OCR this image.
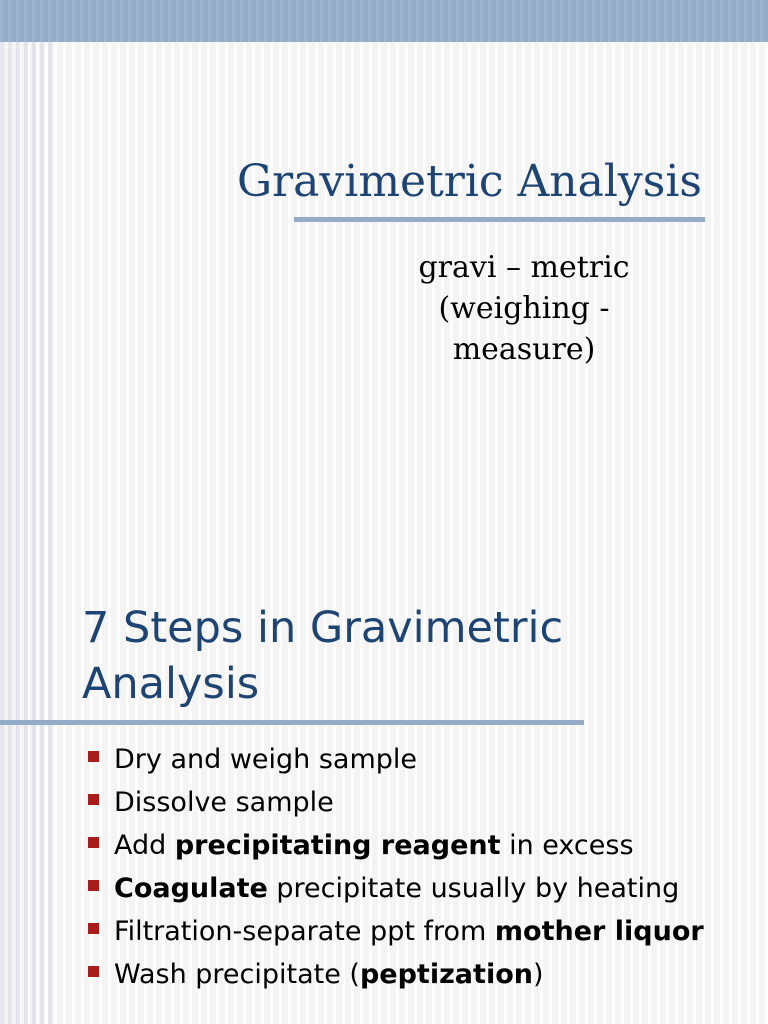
Gravimetric Analysis
gravi – metric
(weighing -
measure)
7 Steps in Gravimetric
Analysis
Dry and weigh sample
Dissolve sample
Add precipitating reagent in excess
Coagulate precipitate usually by heating
Filtration-separate ppt from mother liquor
Wash precipitate (peptization)
